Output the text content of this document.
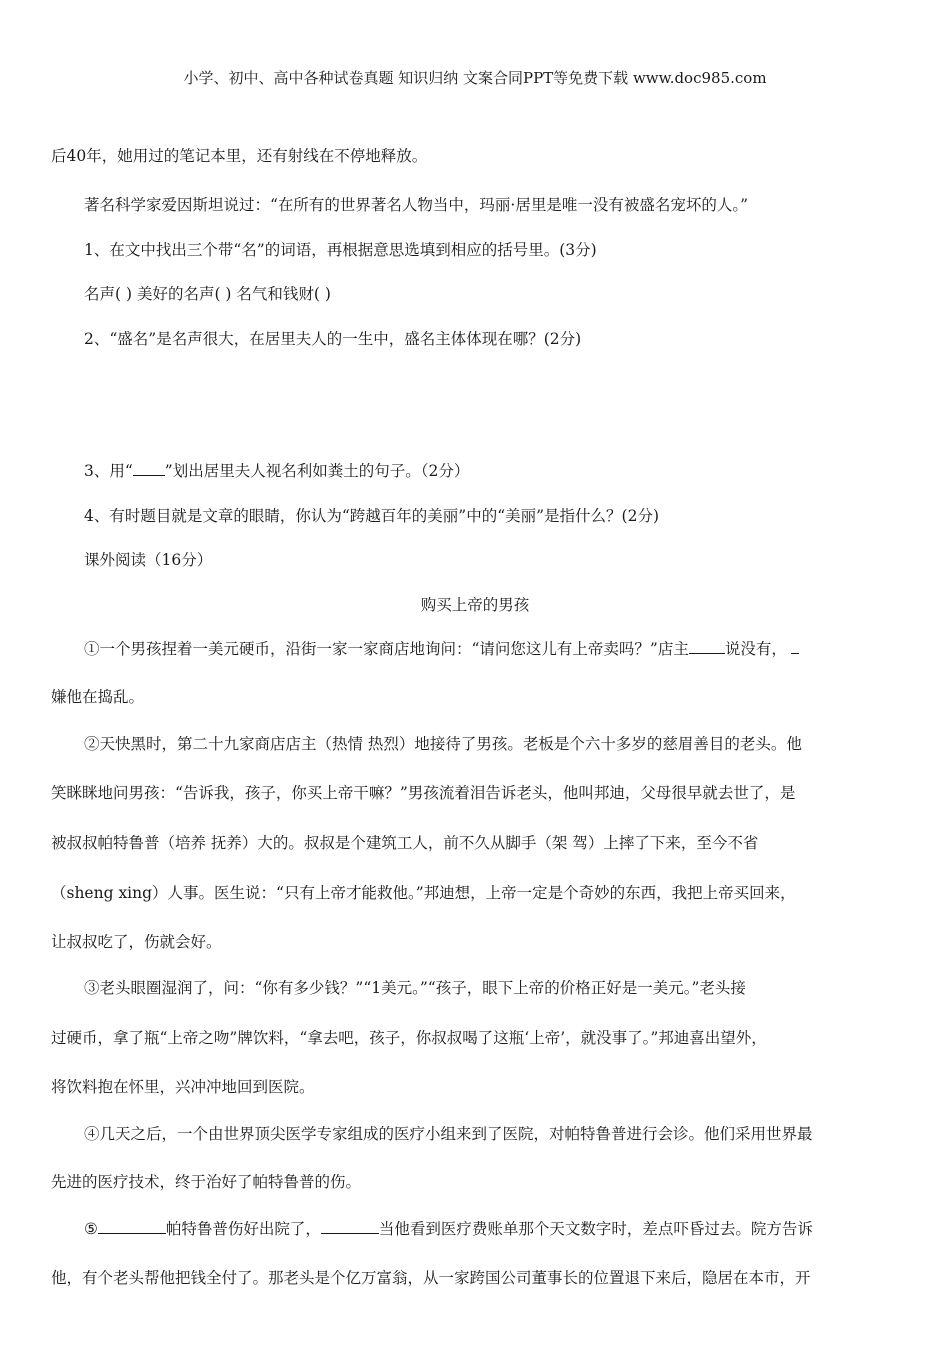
小学、初中、高中各种试卷真题 知识归纳 文案合同PPT等免费下载 www.doc985.com
后40年，她用过的笔记本里，还有射线在不停地释放。
著名科学家爱因斯坦说过：“在所有的世界著名人物当中，玛丽·居里是唯一没有被盛名宠坏的人。”
1、在文中找出三个带“名”的词语，再根据意思选填到相应的括号里。(3分)
名声( ) 美好的名声( ) 名气和钱财( )
2、“盛名”是名声很大，在居里夫人的一生中，盛名主体体现在哪？(2分)
3、用“ ”划出居里夫人视名利如粪土的句子。（2分）
4、有时题目就是文章的眼睛，你认为“跨越百年的美丽”中的“美丽”是指什么？(2分)
课外阅读（16分）
购买上帝的男孩
①一个男孩捏着一美元硬币，沿街一家一家商店地询问：“请问您这儿有上帝卖吗？”店主 说没有，
嫌他在捣乱。
②天快黑时，第二十九家商店店主（热情 热烈）地接待了男孩。老板是个六十多岁的慈眉善目的老头。他
笑眯眯地问男孩：“告诉我，孩子，你买上帝干嘛？”男孩流着泪告诉老头，他叫邦迪，父母很早就去世了，是
被叔叔帕特鲁普（培养 抚养）大的。叔叔是个建筑工人，前不久从脚手（架 驾）上摔了下来，至今不省
（sheng xing）人事。医生说：“只有上帝才能救他。”邦迪想，上帝一定是个奇妙的东西，我把上帝买回来，
让叔叔吃了，伤就会好。
③老头眼圈湿润了，问：“你有多少钱？”“1美元。”“孩子，眼下上帝的价格正好是一美元。”老头接
过硬币，拿了瓶“上帝之吻”牌饮料，“拿去吧，孩子，你叔叔喝了这瓶‘上帝’，就没事了。”邦迪喜出望外，
将饮料抱在怀里，兴冲冲地回到医院。
④几天之后，一个由世界顶尖医学专家组成的医疗小组来到了医院，对帕特鲁普进行会诊。他们采用世界最
先进的医疗技术，终于治好了帕特鲁普的伤。
⑤	帕特鲁普伤好出院了，	当他看到医疗费账单那个天文数字时，差点吓昏过去。院方告诉
他，有个老头帮他把钱全付了。那老头是个亿万富翁，从一家跨国公司董事长的位置退下来后，隐居在本市，开
